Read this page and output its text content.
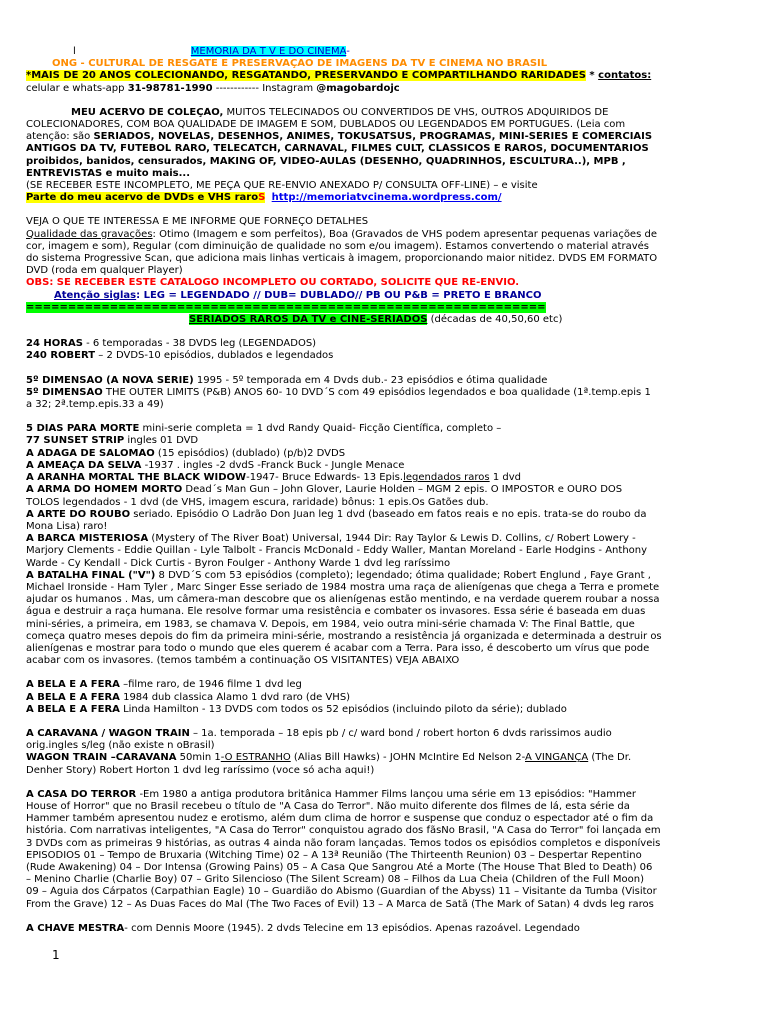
l	MEMÓRIA DA T V E DO CINEMA-
ONG - CULTURAL DE RESGATE E PRESERVAÇÃO DE IMAGENS DA TV E CINEMA NO BRASIL
*MAIS DE 20 ANOS COLECIONANDO, RESGATANDO, PRESERVANDO E COMPARTILHANDO RARIDADES * contatos:
celular e whats-app 31-98781-1990 ------------ Instagram @magobardojc
MEU ACERVO DE COLEÇÃO, MUITOS TELECINADOS OU CONVERTIDOS DE VHS, OUTROS ADQUIRIDOS DE
COLECIONADORES, COM BOA QUALIDADE DE IMAGEM E SOM, DUBLADOS OU LEGENDADOS EM PORTUGUES. (Leia com
atenção: são SERIADOS, NOVELAS, DESENHOS, ANIMES, TOKUSATSUS, PROGRAMAS, MINI-SÉRIES E COMERCIAIS
ANTIGOS DA TV, FUTEBOL RARO, TELECATCH, CARNAVAL, FILMES CULT, CLÁSSICOS E RAROS, DOCUMENTÁRIOS
proibidos, banidos, censurados, MAKING OF, VÍDEO-AULAS (DESENHO, QUADRINHOS, ESCULTURA..), MPB ,
ENTREVISTAS e muito mais...
(SE RECEBER ESTE INCOMPLETO, ME PEÇA QUE RE-ENVIO ANEXADO P/ CONSULTA OFF-LINE) – e visite
Parte do meu acervo de DVDs e VHS raroS http://memoriatvcinema.wordpress.com/
VEJA O QUE TE INTERESSA E ME INFORME QUE FORNEÇO DETALHES
Qualidade das gravações: Ótimo (Imagem e som perfeitos), Boa (Gravados de VHS podem apresentar pequenas variações de
cor, imagem e som), Regular (com diminuição de qualidade no som e/ou imagem). Estamos convertendo o material através
do sistema Progressive Scan, que adiciona mais linhas verticais à imagem, proporcionando maior nitidez. DVDS EM FORMATO
DVD (roda em qualquer Player)
OBS: SE RECEBER ESTE CATÁLOGO INCOMPLETO OU CORTADO, SOLICITE QUE RE-ENVIO.
Atenção siglas: LEG = LEGENDADO // DUB= DUBLADO// PB OU P&B = PRETO E BRANCO
==============================================================
SERIADOS RAROS DA TV e CINE-SERIADOS (décadas de 40,50,60 etc)
24 HORAS - 6 temporadas - 38 DVDS leg (LEGENDADOS)
240 ROBERT – 2 DVDS-10 episódios, dublados e legendados
5º DIMENSÃO (A NOVA SÉRIE) 1995 - 5º temporada em 4 Dvds dub.- 23 episódios e ótima qualidade
5º DIMENSÃO THE OUTER LIMITS (P&B) ANOS 60- 10 DVD´S com 49 episódios legendados e boa qualidade (1ª.temp.epis 1
a 32; 2ª.temp.epis.33 a 49)
5 DIAS PARA MORTE mini-serie completa = 1 dvd Randy Quaid- Ficção Científica, completo –
77 SUNSET STRIP ingles 01 DVD
A ADAGA DE SALOMÃO (15 episódios) (dublado) (p/b)2 DVDS
A AMEAÇA DA SELVA -1937 . ingles -2 dvdS -Franck Buck - Jungle Menace
A ARANHA MORTAL THE BLACK WIDOW-1947- Bruce Edwards- 13 Epis.legendados raros 1 dvd
A ARMA DO HOMEM MORTO Dead´s Man Gun – John Glover, Laurie Holden – MGM 2 epis. O IMPOSTOR e OURO DOS
TOLOS legendados - 1 dvd (de VHS, imagem escura, raridade) bônus: 1 epis.Os Gatões dub.
A ARTE DO ROUBO seriado. Episódio O Ladrão Don Juan leg 1 dvd (baseado em fatos reais e no epis. trata-se do roubo da
Mona Lisa) raro!
A BARCA MISTERIOSA (Mystery of The River Boat) Universal, 1944 Dir: Ray Taylor & Lewis D. Collins, c/ Robert Lowery -
Marjory Clements - Eddie Quillan - Lyle Talbolt - Francis McDonald - Eddy Waller, Mantan Moreland - Earle Hodgins - Anthony
Warde - Cy Kendall - Dick Curtis - Byron Foulger - Anthony Warde 1 dvd leg raríssimo
A BATALHA FINAL ("V") 8 DVD´S com 53 episódios (completo); legendado; ótima qualidade; Robert Englund , Faye Grant ,
Michael Ironside - Ham Tyler , Marc Singer Esse seriado de 1984 mostra uma raça de alienígenas que chega a Terra e promete
ajudar os humanos . Mas, um câmera-man descobre que os alienígenas estão mentindo, e na verdade querem roubar a nossa
água e destruir a raça humana. Ele resolve formar uma resistência e combater os invasores. Essa série é baseada em duas
mini-séries, a primeira, em 1983, se chamava V. Depois, em 1984, veio outra mini-série chamada V: The Final Battle, que
começa quatro meses depois do fim da primeira mini-série, mostrando a resistência já organizada e determinada a destruir os
alienígenas e mostrar para todo o mundo que eles querem é acabar com a Terra. Para isso, é descoberto um vírus que pode
acabar com os invasores. (temos também a continuação OS VISITANTES) VEJA ABAIXO
A BELA E A FERA –filme raro, de 1946 filme 1 dvd leg
A BELA E A FERA 1984 dub classica Álamo 1 dvd raro (de VHS)
A BELA E A FERA Linda Hamilton - 13 DVDS com todos os 52 episódios (incluindo piloto da série); dublado
A CARAVANA / WAGON TRAIN – 1a. temporada – 18 epis pb / c/ ward bond / robert horton 6 dvds rarissimos audio
orig.ingles s/leg (não existe n oBrasil)
WAGON TRAIN –CARAVANA 50min 1-O ESTRANHO (Alias Bill Hawks) - JOHN McIntire Ed Nelson 2-A VINGANÇA (The Dr.
Denher Story) Robert Horton 1 dvd leg raríssimo (voce só acha aqui!)
A CASA DO TERROR -Em 1980 a antiga produtora britânica Hammer Films lançou uma série em 13 episódios: "Hammer
House of Horror" que no Brasil recebeu o título de "A Casa do Terror". Não muito diferente dos filmes de lá, esta série da
Hammer também apresentou nudez e erotismo, além dum clima de horror e suspense que conduz o espectador até o fim da
história. Com narrativas inteligentes, "A Casa do Terror" conquistou agrado dos fãsNo Brasil, "A Casa do Terror" foi lançada em
3 DVDs com as primeiras 9 histórias, as outras 4 ainda não foram lançadas. Temos todos os episódios completos e disponíveis
EPISÓDIOS 01 – Tempo de Bruxaria (Witching Time) 02 – A 13ª Reunião (The Thirteenth Reunion) 03 – Despertar Repentino
(Rude Awakening) 04 – Dor Intensa (Growing Pains) 05 – A Casa Que Sangrou Até a Morte (The House That Bled to Death) 06
– Menino Charlie (Charlie Boy) 07 – Grito Silencioso (The Silent Scream) 08 – Filhos da Lua Cheia (Children of the Full Moon)
09 – Águia dos Cárpatos (Carpathian Eagle) 10 – Guardião do Abismo (Guardian of the Abyss) 11 – Visitante da Tumba (Visitor
From the Grave) 12 – As Duas Faces do Mal (The Two Faces of Evil) 13 – A Marca de Satã (The Mark of Satan) 4 dvds leg raros
A CHAVE MESTRA- com Dennis Moore (1945). 2 dvds Telecine em 13 episódios. Apenas razoável. Legendado
1
